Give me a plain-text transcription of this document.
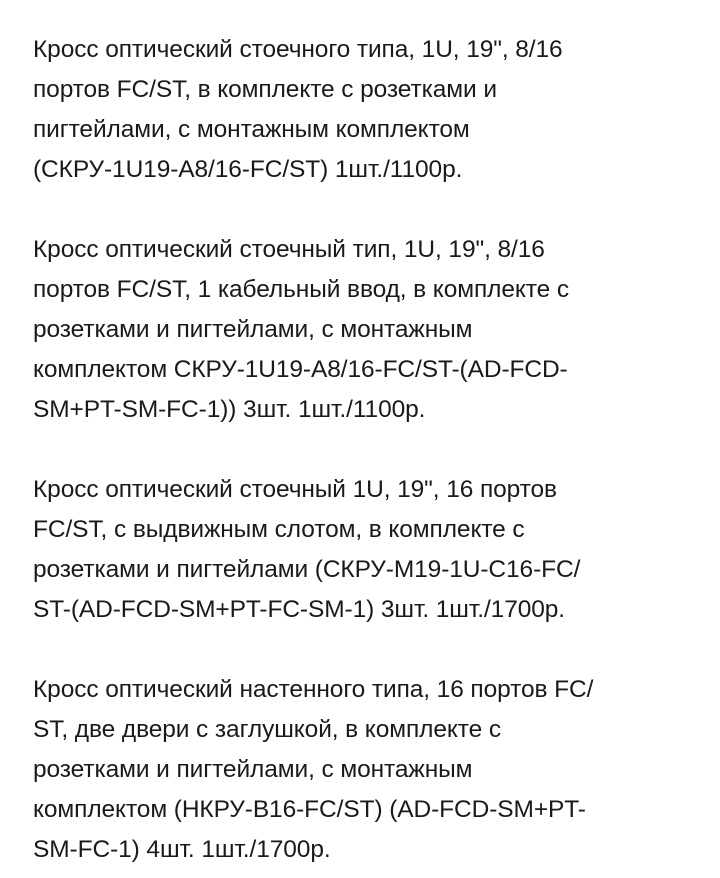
Кросс оптический стоечного типа, 1U, 19", 8/16
портов FC/ST, в комплекте с розетками и
пигтейлами, с монтажным комплектом
(СКРУ-1U19-A8/16-FC/ST) 1шт./1100р.

Кросс оптический стоечный тип, 1U, 19", 8/16
портов FC/ST, 1 кабельный ввод, в комплекте с
розетками и пигтейлами, с монтажным
комплектом СКРУ-1U19-A8/16-FC/ST-(AD-FCD-
SM+PT-SM-FC-1)) 3шт. 1шт./1100р.

Кросс оптический стоечный 1U, 19", 16 портов
FC/ST, с выдвижным слотом, в комплекте с
розетками и пигтейлами (СКРУ-М19-1U-C16-FC/
ST-(AD-FCD-SM+PT-FC-SM-1) 3шт. 1шт./1700р.

Кросс оптический настенного типа, 16 портов FC/
ST, две двери с заглушкой, в комплекте с
розетками и пигтейлами, с монтажным
комплектом (НКРУ-B16-FC/ST) (AD-FCD-SM+PT-
SM-FC-1) 4шт. 1шт./1700р.
